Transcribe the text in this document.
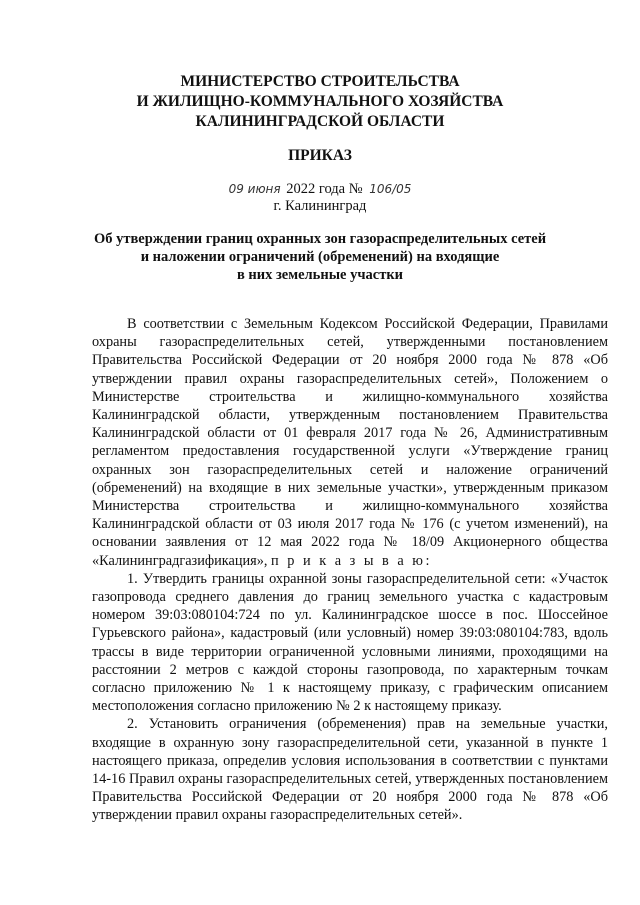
МИНИСТЕРСТВО СТРОИТЕЛЬСТВА
И ЖИЛИЩНО-КОММУНАЛЬНОГО ХОЗЯЙСТВА
КАЛИНИНГРАДСКОЙ ОБЛАСТИ
ПРИКАЗ
09 июня 2022 года № 106/05
г. Калининград
Об утверждении границ охранных зон газораспределительных сетей
и наложении ограничений (обременений) на входящие
в них земельные участки

В соответствии с Земельным Кодексом Российской Федерации, Правилами охраны газораспределительных сетей, утвержденными постановлением Правительства Российской Федерации от 20 ноября 2000 года № 878 «Об утверждении правил охраны газораспределительных сетей», Положением о Министерстве строительства и жилищно-коммунального хозяйства Калининградской области, утвержденным постановлением Правительства Калининградской области от 01 февраля 2017 года № 26, Административным регламентом предоставления государственной услуги «Утверждение границ охранных зон газораспределительных сетей и наложение ограничений (обременений) на входящие в них земельные участки», утвержденным приказом Министерства строительства и жилищно-коммунального хозяйства Калининградской области от 03 июля 2017 года № 176 (с учетом изменений), на основании заявления от 12 мая 2022 года № 18/09 Акционерного общества «Калининградгазификация», п р и к а з ы в а ю:

1. Утвердить границы охранной зоны газораспределительной сети: «Участок газопровода среднего давления до границ земельного участка с кадастровым номером 39:03:080104:724 по ул. Калининградское шоссе в пос. Шоссейное Гурьевского района», кадастровый (или условный) номер 39:03:080104:783, вдоль трассы в виде территории ограниченной условными линиями, проходящими на расстоянии 2 метров с каждой стороны газопровода, по характерным точкам согласно приложению № 1 к настоящему приказу, с графическим описанием местоположения согласно приложению № 2 к настоящему приказу.

2. Установить ограничения (обременения) прав на земельные участки, входящие в охранную зону газораспределительной сети, указанной в пункте 1 настоящего приказа, определив условия использования в соответствии с пунктами 14-16 Правил охраны газораспределительных сетей, утвержденных постановлением Правительства Российской Федерации от 20 ноября 2000 года № 878 «Об утверждении правил охраны газораспределительных сетей».
